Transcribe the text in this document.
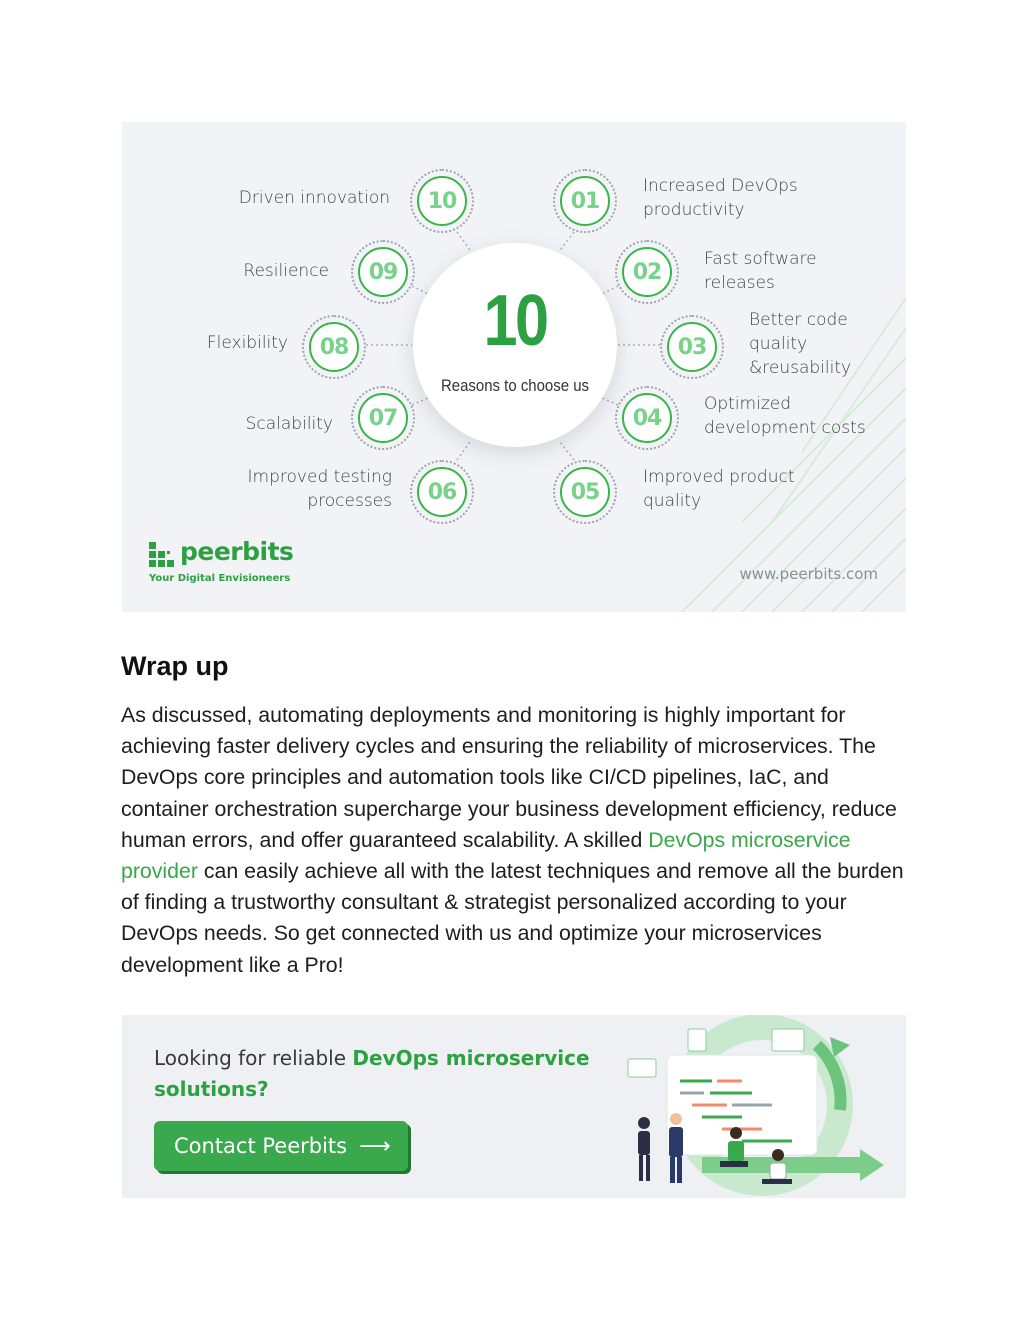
10
Reasons to choose us
01
Increased DevOps
productivity
02
Fast software
releases
03
Better code
quality
&reusability
04
Optimized
development costs
05
Improved product
quality
06
Improved testing
processes
07
Scalability
08
Flexibility
09
Resilience
10
Driven innovation
peerbits
Your Digital Envisioneers	www.peerbits.com
Wrap up

As discussed, automating deployments and monitoring is highly important for achieving faster delivery cycles and ensuring the reliability of microservices. The DevOps core principles and automation tools like CI/CD pipelines, IaC, and container orchestration supercharge your business development efficiency, reduce human errors, and offer guaranteed scalability. A skilled DevOps microservice provider can easily achieve all with the latest techniques and remove all the burden of finding a trustworthy consultant & strategist personalized according to your DevOps needs. So get connected with us and optimize your microservices development like a Pro!

Looking for reliable DevOps microservice solutions?
Contact Peerbits ⟶
